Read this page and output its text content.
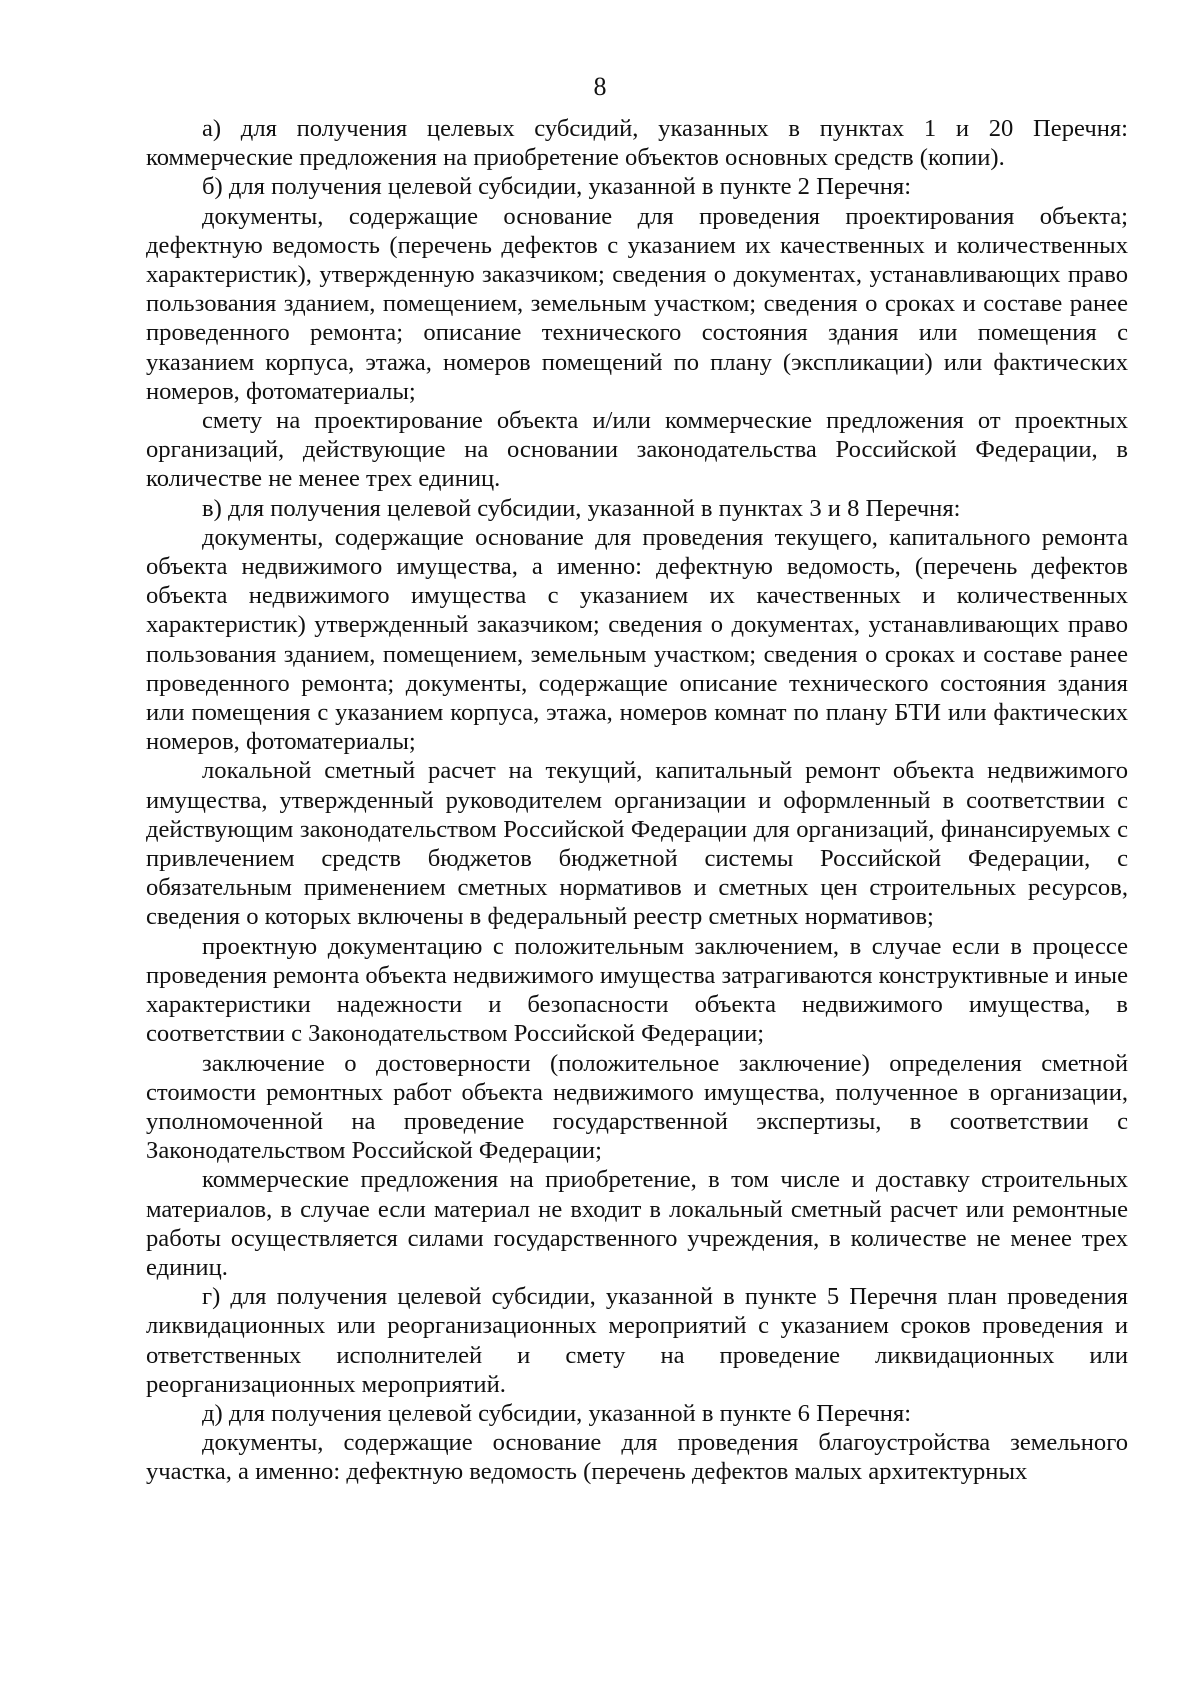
8

а) для получения целевых субсидий, указанных в пунктах 1 и 20 Перечня: коммерческие предложения на приобретение объектов основных средств (копии).

б) для получения целевой субсидии, указанной в пункте 2 Перечня:

документы, содержащие основание для проведения проектирования объекта; дефектную ведомость (перечень дефектов с указанием их качественных и количественных характеристик), утвержденную заказчиком; сведения о документах, устанавливающих право пользования зданием, помещением, земельным участком; сведения о сроках и составе ранее проведенного ремонта; описание технического состояния здания или помещения с указанием корпуса, этажа, номеров помещений по плану (экспликации) или фактических номеров, фотоматериалы;

смету на проектирование объекта и/или коммерческие предложения от проектных организаций, действующие на основании законодательства Российской Федерации, в количестве не менее трех единиц.

в) для получения целевой субсидии, указанной в пунктах 3 и 8 Перечня:

документы, содержащие основание для проведения текущего, капитального ремонта объекта недвижимого имущества, а именно: дефектную ведомость, (перечень дефектов объекта недвижимого имущества с указанием их качественных и количественных характеристик) утвержденный заказчиком; сведения о документах, устанавливающих право пользования зданием, помещением, земельным участком; сведения о сроках и составе ранее проведенного ремонта; документы, содержащие описание технического состояния здания или помещения с указанием корпуса, этажа, номеров комнат по плану БТИ или фактических номеров, фотоматериалы;

локальной сметный расчет на текущий, капитальный ремонт объекта недвижимого имущества, утвержденный руководителем организации и оформленный в соответствии с действующим законодательством Российской Федерации для организаций, финансируемых с привлечением средств бюджетов бюджетной системы Российской Федерации, с обязательным применением сметных нормативов и сметных цен строительных ресурсов, сведения о которых включены в федеральный реестр сметных нормативов;

проектную документацию с положительным заключением, в случае если в процессе проведения ремонта объекта недвижимого имущества затрагиваются конструктивные и иные характеристики надежности и безопасности объекта недвижимого имущества, в соответствии с Законодательством Российской Федерации;

заключение о достоверности (положительное заключение) определения сметной стоимости ремонтных работ объекта недвижимого имущества, полученное в организации, уполномоченной на проведение государственной экспертизы, в соответствии с Законодательством Российской Федерации;

коммерческие предложения на приобретение, в том числе и доставку строительных материалов, в случае если материал не входит в локальный сметный расчет или ремонтные работы осуществляется силами государственного учреждения, в количестве не менее трех единиц.

г) для получения целевой субсидии, указанной в пункте 5 Перечня план проведения ликвидационных или реорганизационных мероприятий с указанием сроков проведения и ответственных исполнителей и смету на проведение ликвидационных или реорганизационных мероприятий.

д) для получения целевой субсидии, указанной в пункте 6 Перечня:

документы, содержащие основание для проведения благоустройства земельного участка, а именно: дефектную ведомость (перечень дефектов малых архитектурных
